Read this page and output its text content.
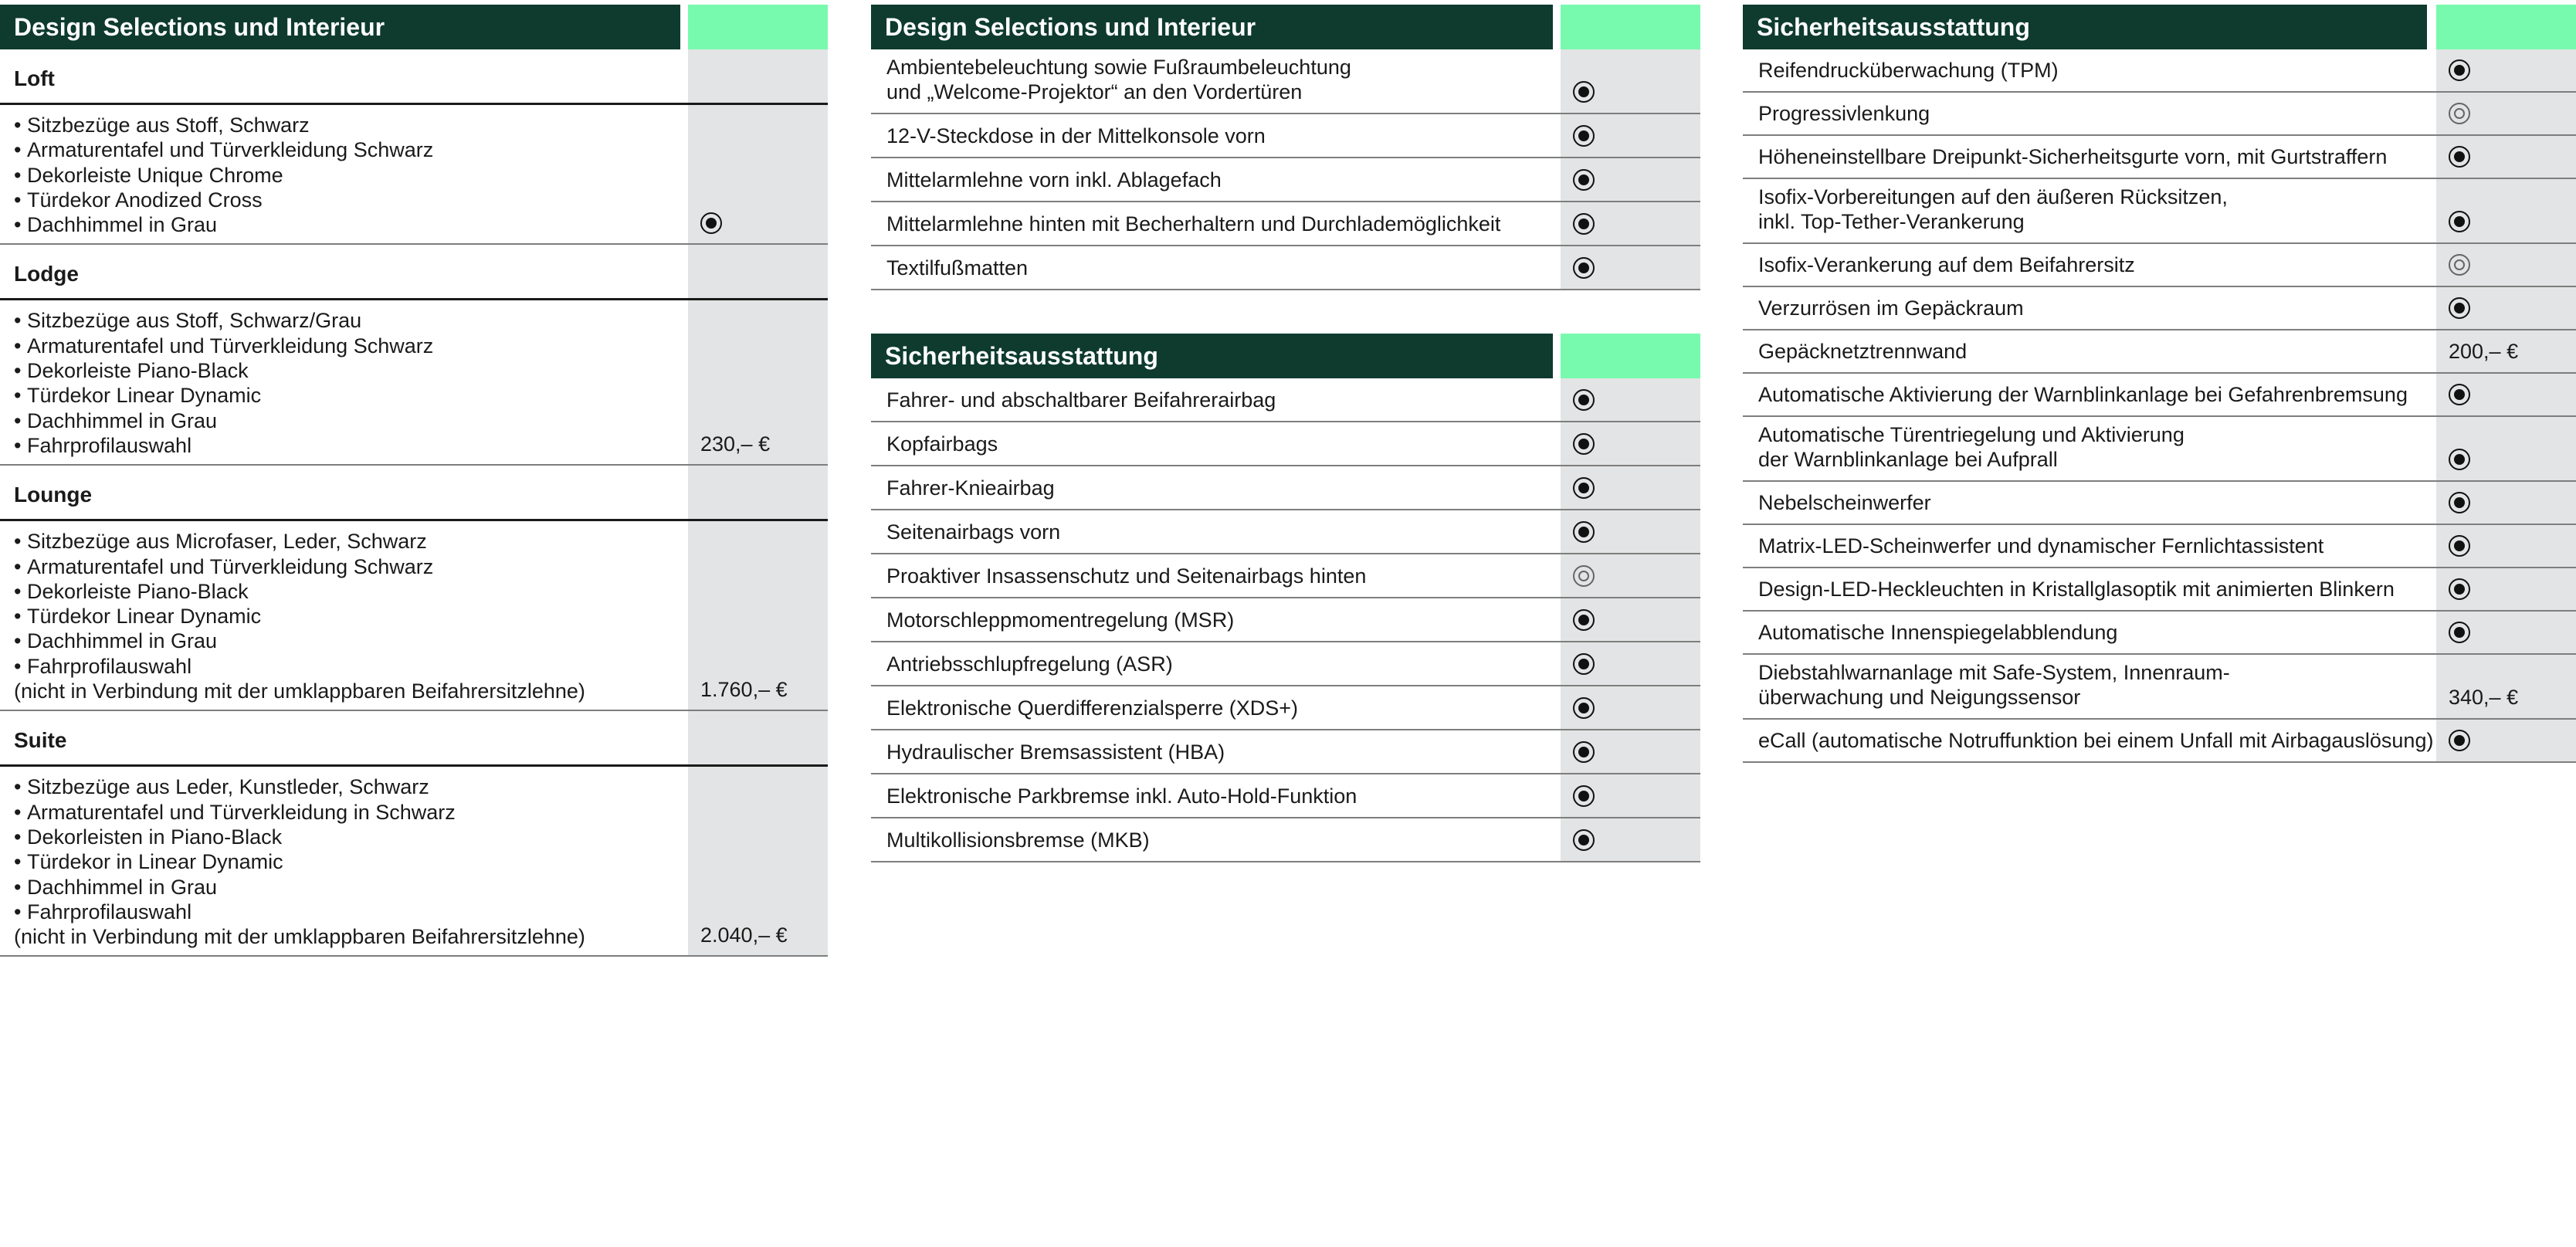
Design Selections und Interieur
Loft
• Sitzbezüge aus Stoff, Schwarz
• Armaturentafel und Türverkleidung Schwarz
• Dekorleiste Unique Chrome
• Türdekor Anodized Cross
• Dachhimmel in Grau
Lodge
• Sitzbezüge aus Stoff, Schwarz/Grau
• Armaturentafel und Türverkleidung Schwarz
• Dekorleiste Piano-Black
• Türdekor Linear Dynamic
• Dachhimmel in Grau
• Fahrprofilauswahl	230,– €
Lounge
• Sitzbezüge aus Microfaser, Leder, Schwarz
• Armaturentafel und Türverkleidung Schwarz
• Dekorleiste Piano-Black
• Türdekor Linear Dynamic
• Dachhimmel in Grau
• Fahrprofilauswahl
(nicht in Verbindung mit der umklappbaren Beifahrersitzlehne)	1.760,– €
Suite
• Sitzbezüge aus Leder, Kunstleder, Schwarz
• Armaturentafel und Türverkleidung in Schwarz
• Dekorleisten in Piano-Black
• Türdekor in Linear Dynamic
• Dachhimmel in Grau
• Fahrprofilauswahl
(nicht in Verbindung mit der umklappbaren Beifahrersitzlehne)	2.040,– €
Design Selections und Interieur
Ambientebeleuchtung sowie Fußraumbeleuchtung
und „Welcome-Projektor“ an den Vordertüren
12-V-Steckdose in der Mittelkonsole vorn
Mittelarmlehne vorn inkl. Ablagefach
Mittelarmlehne hinten mit Becherhaltern und Durchlademöglichkeit
Textilfußmatten
Sicherheitsausstattung
Fahrer- und abschaltbarer Beifahrerairbag
Kopfairbags
Fahrer-Knieairbag
Seitenairbags vorn
Proaktiver Insassenschutz und Seitenairbags hinten
Motorschleppmomentregelung (MSR)
Antriebsschlupfregelung (ASR)
Elektronische Querdifferenzialsperre (XDS+)
Hydraulischer Bremsassistent (HBA)
Elektronische Parkbremse inkl. Auto-Hold-Funktion
Multikollisionsbremse (MKB)
Sicherheitsausstattung
Reifendrucküberwachung (TPM)
Progressivlenkung
Höheneinstellbare Dreipunkt-Sicherheitsgurte vorn, mit Gurtstraffern
Isofix-Vorbereitungen auf den äußeren Rücksitzen,
inkl. Top-Tether-Verankerung
Isofix-Verankerung auf dem Beifahrersitz
Verzurrösen im Gepäckraum
Gepäcknetztrennwand	200,– €
Automatische Aktivierung der Warnblinkanlage bei Gefahrenbremsung
Automatische Türentriegelung und Aktivierung
der Warnblinkanlage bei Aufprall
Nebelscheinwerfer
Matrix-LED-Scheinwerfer und dynamischer Fernlichtassistent
Design-LED-Heckleuchten in Kristallglasoptik mit animierten Blinkern
Automatische Innenspiegelabblendung
Diebstahlwarnanlage mit Safe-System, Innenraum-
überwachung und Neigungssensor	340,– €
eCall (automatische Notruffunktion bei einem Unfall mit Airbagauslösung)
